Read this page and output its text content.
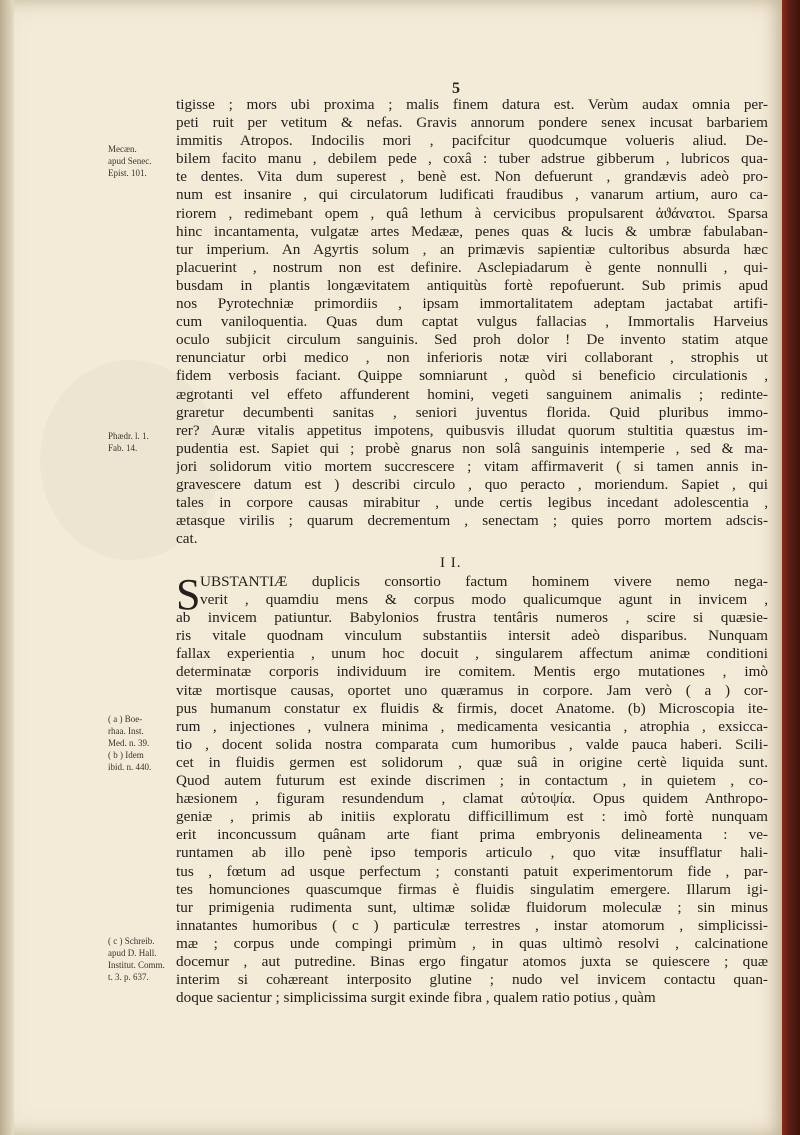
5
tigisse ; mors ubi proxima ; malis finem datura est. Verùm audax omnia per-
peti ruit per vetitum & nefas. Gravis annorum pondere senex incusat barbariem
immitis Atropos. Indocilis mori , pacifcitur quodcumque volueris aliud. De-
bilem facito manu , debilem pede , coxâ : tuber adstrue gibberum , lubricos qua-
te dentes. Vita dum superest , benè est. Non defuerunt , grandævis adeò pro-
num est insanire , qui circulatorum ludificati fraudibus , vanarum artium, auro ca-
riorem , redimebant opem , quâ lethum à cervicibus propulsarent ἀϑάνατοι. Sparsa
hinc incantamenta, vulgatæ artes Medææ, penes quas & lucis & umbræ fabulaban-
tur imperium. An Agyrtis solum , an primævis sapientiæ cultoribus absurda hæc
placuerint , nostrum non est definire. Asclepiadarum è gente nonnulli , qui-
busdam in plantis longævitatem antiquitùs fortè repofuerunt. Sub primis apud
nos Pyrotechniæ primordiis , ipsam immortalitatem adeptam jactabat artifi-
cum vaniloquentia. Quas dum captat vulgus fallacias , Immortalis Harveius
oculo subjicit circulum sanguinis. Sed proh dolor ! De invento statim atque
renunciatur orbi medico , non inferioris notæ viri collaborant , strophis ut
fidem verbosis faciant. Quippe somniarunt , quòd si beneficio circulationis ,
ægrotanti vel effeto affunderent homini, vegeti sanguinem animalis ; redinte-
graretur decumbenti sanitas , seniori juventus florida. Quid pluribus immo-
rer? Auræ vitalis appetitus impotens, quibusvis illudat quorum stultitia quæstus im-
pudentia est. Sapiet qui ; probè gnarus non solâ sanguinis intemperie , sed & ma-
jori solidorum vitio mortem succrescere ; vitam affirmaverit ( si tamen annis in-
gravescere datum est ) describi circulo , quo peracto , moriendum. Sapiet , qui
tales in corpore causas mirabitur , unde certis legibus incedant adolescentia ,
ætasque virilis ; quarum decrementum , senectam ; quies porro mortem adscis-
cat.
I I.
S UBSTANTIÆ duplicis consortio factum hominem vivere nemo nega-
verit , quamdiu mens & corpus modo qualicumque agunt in invicem ,
ab invicem patiuntur. Babylonios frustra tentâris numeros , scire si quæsie-
ris vitale quodnam vinculum substantiis intersit adeò disparibus. Nunquam
fallax experientia , unum hoc docuit , singularem affectum animæ conditioni
determinatæ corporis individuum ire comitem. Mentis ergo mutationes , imò
vitæ mortisque causas, oportet uno quæramus in corpore. Jam verò ( a ) cor-
pus humanum constatur ex fluidis & firmis, docet Anatome. (b) Microscopia ite-
rum , injectiones , vulnera minima , medicamenta vesicantia , atrophia , exsicca-
tio , docent solida nostra comparata cum humoribus , valde pauca haberi. Scili-
cet in fluidis germen est solidorum , quæ suâ in origine certè liquida sunt.
Quod autem futurum est exinde discrimen ; in contactum , in quietem , co-
hæsionem , figuram resundendum , clamat αὐτοψία. Opus quidem Anthropo-
geniæ , primis ab initiis exploratu difficillimum est : imò fortè nunquam
erit inconcussum quânam arte fiant prima embryonis delineamenta : ve-
runtamen ab illo penè ipso temporis articulo , quo vitæ insufflatur hali-
tus , fœtum ad usque perfectum ; constanti patuit experimentorum fide , par-
tes homunciones quascumque firmas è fluidis singulatim emergere. Illarum igi-
tur primigenia rudimenta sunt, ultimæ solidæ fluidorum moleculæ ; sin minus
innatantes humoribus ( c ) particulæ terrestres , instar atomorum , simplicissi-
mæ ; corpus unde compingi primùm , in quas ultimò resolvi , calcinatione
docemur , aut putredine. Binas ergo fingatur atomos juxta se quiescere ; quæ
interim si cohæreant interposito glutine ; nudo vel invicem contactu quan-
doque sacientur ; simplicissima surgit exinde fibra , qualem ratio potius , quàm
Mecæn.
apud Senec.
Epist. 101.
Phædr. l. 1.
Fab. 14.
( a ) Boe-
rhaa. Inst.
Med. n. 39.
( b ) Idem
ibid. n. 440.
( c ) Schreib.
apud D. Hall.
Institut. Comm.
t. 3. p. 637.
